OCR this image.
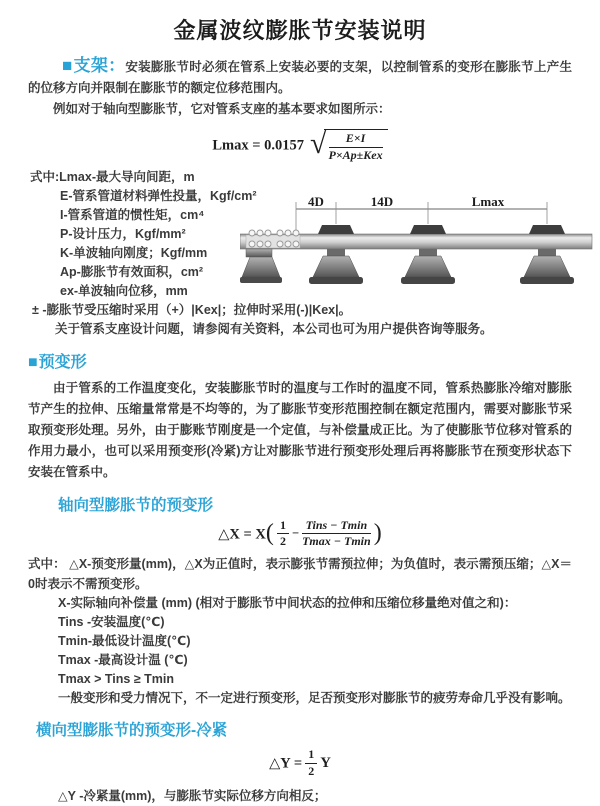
金属波纹膨胀节安装说明

■支架：安装膨胀节时必须在管系上安装必要的支架，以控制管系的变形在膨胀节上产生的位移方向并限制在膨胀节的额定位移范围内。

例如对于轴向型膨胀节，它对管系支座的基本要求如图所示：

Lmax = 0.0157 √	E×I
P×Ap±Kex
式中:Lmax-最大导向间距，m
E-管系管道材料弹性投量，Kgf/cm²
I-管系管道的惯性矩，cm⁴
P-设计压力，Kgf/mm²
K-单波轴向刚度；Kgf/mm
Ap-膨胀节有效面积，cm²
ex-单波轴向位移，mm
± -膨胀节受压缩时采用（+）|Kex|；拉伸时采用(-)|Kex|。
关于管系支座设计问题，请参阅有关资料，本公司也可为用户提供咨询等服务。
4D	14D	Lmax
■预变形

由于管系的工作温度变化，安装膨胀节时的温度与工作时的温度不同，管系热膨胀冷缩对膨胀节产生的拉伸、压缩量常常是不均等的，为了膨胀节变形范围控制在额定范围内，需要对膨胀节采取预变形处理。另外，由于膨账节刚度是一个定值，与补偿量成正比。为了使膨胀节位移对管系的作用力最小，也可以采用预变形(冷紧)方让对膨胀节进行预变形处理后再将膨胀节在预变形状态下安装在管系中。

轴向型膨胀节的预变形
△X = $X( \frac{1}{2}$ −
Tins − Tmin
Tmax − Tmin )

式中： △X-预变形量(mm)，△X为正值时，表示膨张节需预拉伸；为负值时，表示需预压缩；△X＝0时表示不需预变形。

X-实际轴向补偿量 (mm) (相对于膨胀节中间状态的拉伸和压缩位移量绝对值之和)：
Tins -安装温度(℃)
Tmin-最低设计温度(℃)
Tmax -最高设计温 (℃)
Tmax > Tins ≥ Tmin

一般变形和受力情况下，不一定进行预变形，足否预变形对膨胀节的疲劳寿命几乎没有影响。

横向型膨胀节的预变形-冷紧
△Y = $\frac{1}{2}$ Y

△Y -冷紧量(mm)，与膨胀节实际位移方向相反；
